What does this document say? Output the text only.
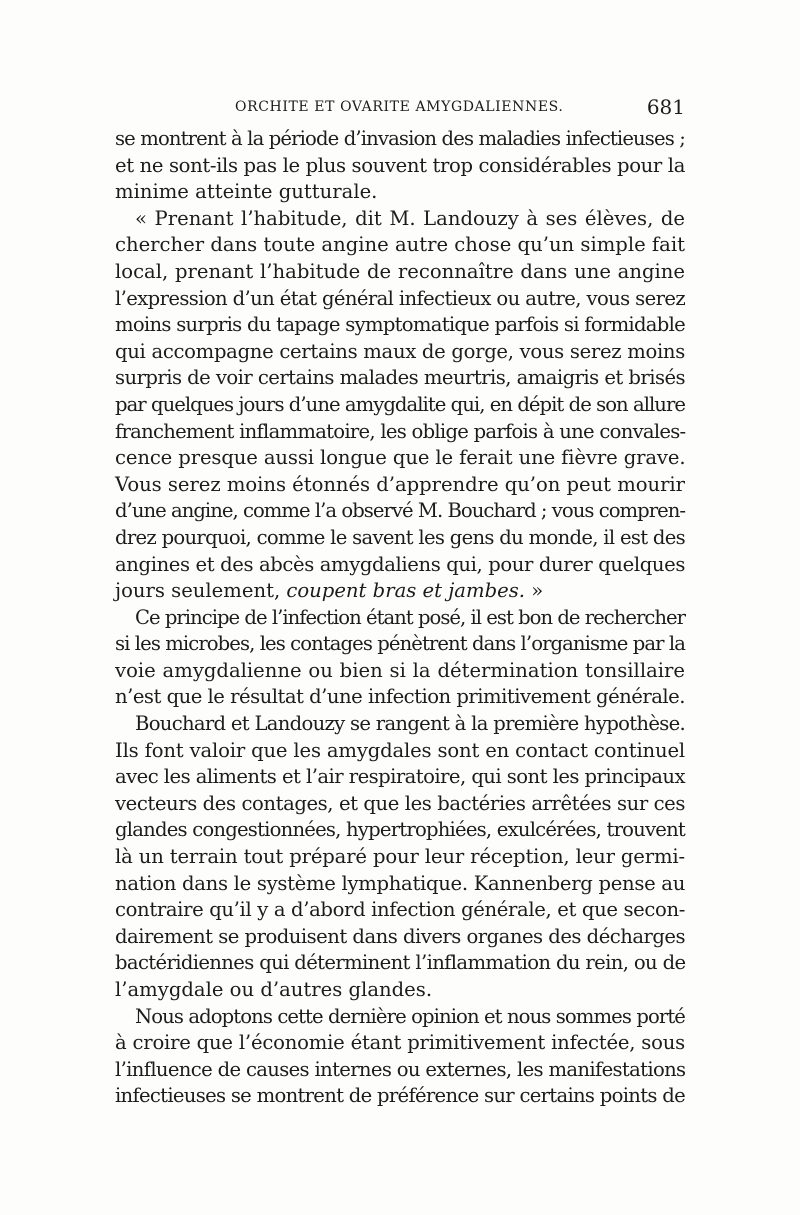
ORCHITE ET OVARITE AMYGDALIENNES.	681
se montrent à la période d’invasion des maladies infectieuses ;
et ne sont-ils pas le plus souvent trop considérables pour la
minime atteinte gutturale.
« Prenant l’habitude, dit M. Landouzy à ses élèves, de
chercher dans toute angine autre chose qu’un simple fait
local, prenant l’habitude de reconnaître dans une angine
l’expression d’un état général infectieux ou autre, vous serez
moins surpris du tapage symptomatique parfois si formidable
qui accompagne certains maux de gorge, vous serez moins
surpris de voir certains malades meurtris, amaigris et brisés
par quelques jours d’une amygdalite qui, en dépit de son allure
franchement inflammatoire, les oblige parfois à une convales-
cence presque aussi longue que le ferait une fièvre grave.
Vous serez moins étonnés d’apprendre qu’on peut mourir
d’une angine, comme l’a observé M. Bouchard ; vous compren-
drez pourquoi, comme le savent les gens du monde, il est des
angines et des abcès amygdaliens qui, pour durer quelques
jours seulement, coupent bras et jambes. »
Ce principe de l’infection étant posé, il est bon de rechercher
si les microbes, les contages pénètrent dans l’organisme par la
voie amygdalienne ou bien si la détermination tonsillaire
n’est que le résultat d’une infection primitivement générale.
Bouchard et Landouzy se rangent à la première hypothèse.
Ils font valoir que les amygdales sont en contact continuel
avec les aliments et l’air respiratoire, qui sont les principaux
vecteurs des contages, et que les bactéries arrêtées sur ces
glandes congestionnées, hypertrophiées, exulcérées, trouvent
là un terrain tout préparé pour leur réception, leur germi-
nation dans le système lymphatique. Kannenberg pense au
contraire qu’il y a d’abord infection générale, et que secon-
dairement se produisent dans divers organes des décharges
bactéridiennes qui déterminent l’inflammation du rein, ou de
l’amygdale ou d’autres glandes.
Nous adoptons cette dernière opinion et nous sommes porté
à croire que l’économie étant primitivement infectée, sous
l’influence de causes internes ou externes, les manifestations
infectieuses se montrent de préférence sur certains points de
